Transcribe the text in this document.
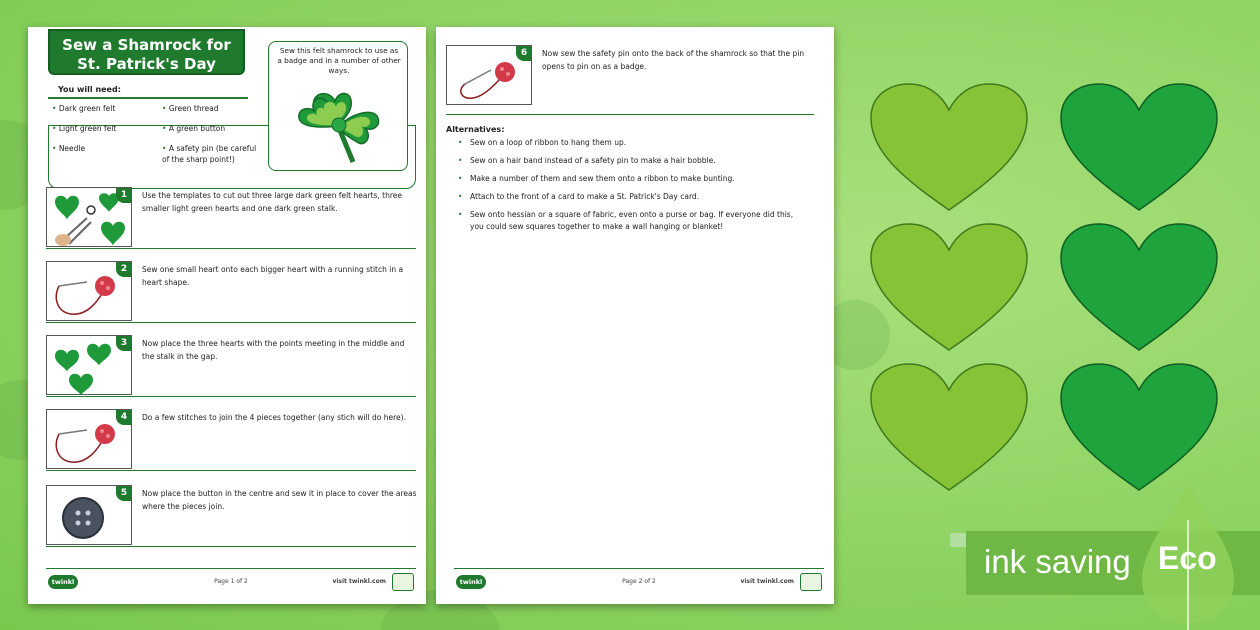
Sew a Shamrock for
St. Patrick's Day
You will need:
• Dark green felt	• Green thread
• Light green felt	• A green button
• Needle	• A safety pin (be careful of the sharp point!)
Sew this felt shamrock to use as a badge and in a number of other ways.
1	Use the templates to cut out three large dark green felt hearts, three smaller light green hearts and one dark green stalk.
2	Sew one small heart onto each bigger heart with a running stitch in a heart shape.
3	Now place the three hearts with the points meeting in the middle and the stalk in the gap.
4	Do a few stitches to join the 4 pieces together (any stich will do here).
5	Now place the button in the centre and sew it in place to cover the areas where the pieces join.
twinkl	Page 1 of 2	visit twinkl.com
6	Now sew the safety pin onto the back of the shamrock so that the pin opens to pin on as a badge.
Alternatives:
• Sew on a loop of ribbon to hang them up.
• Sew on a hair band instead of a safety pin to make a hair bobble.
• Make a number of them and sew them onto a ribbon to make bunting.
• Attach to the front of a card to make a St. Patrick's Day card.
• Sew onto hessian or a square of fabric, even onto a purse or bag. If everyone did this, you could sew squares together to make a wall hanging or blanket!
twinkl	Page 2 of 2	visit twinkl.com
ink saving Eco
